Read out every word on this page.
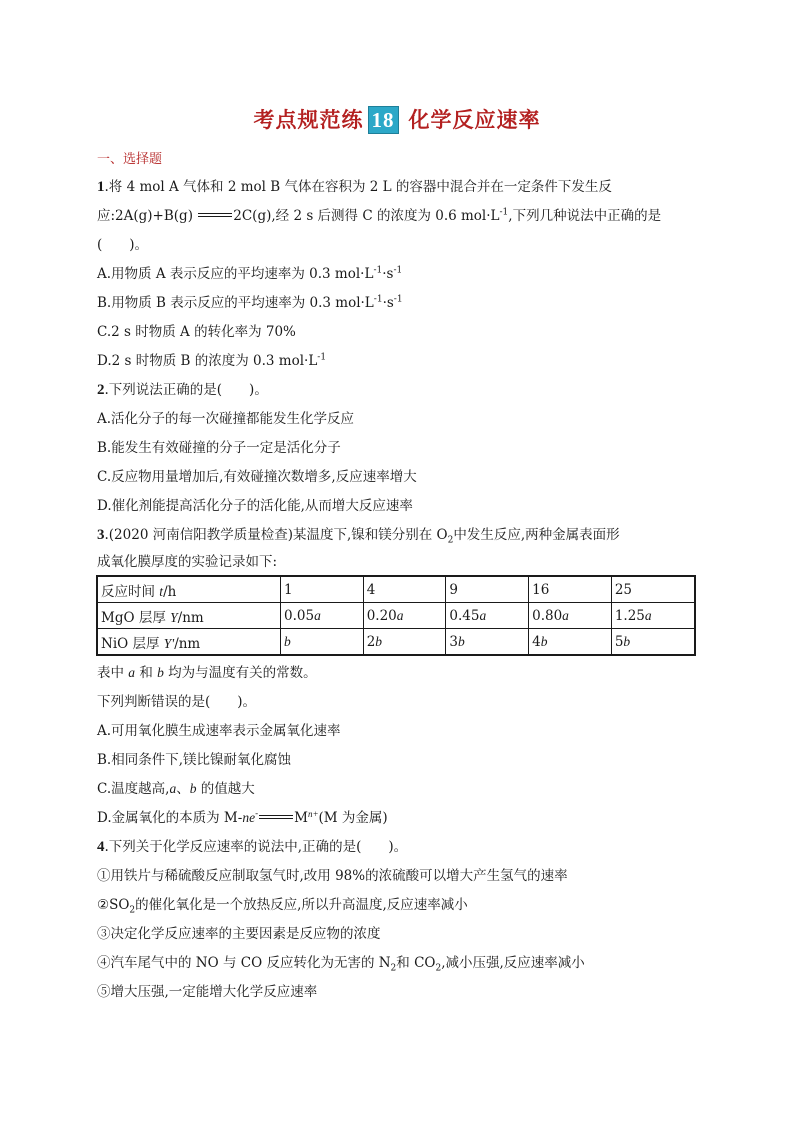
考点规范练 18 化学反应速率
一、选择题
1.将 4 mol A 气体和 2 mol B 气体在容积为 2 L 的容器中混合并在一定条件下发生反
应:2A(g)+B(g)	2C(g),经 2 s 后测得 C 的浓度为 0.6 $mol\cdot L^{-1}$,下列几种说法中正确的是
(　　)。
A.用物质 A 表示反应的平均速率为 0.3 $mol\cdot L^{-1}\cdot s^{-1}$
B.用物质 B 表示反应的平均速率为 0.3 $mol\cdot L^{-1}\cdot s^{-1}$
C.2 s 时物质 A 的转化率为 70%
D.2 s 时物质 B 的浓度为 0.3 $mol\cdot L^{-1}$
2.下列说法正确的是(　　)。
A.活化分子的每一次碰撞都能发生化学反应
B.能发生有效碰撞的分子一定是活化分子
C.反应物用量增加后,有效碰撞次数增多,反应速率增大
D.催化剂能提高活化分子的活化能,从而增大反应速率
3.(2020 河南信阳教学质量检查)某温度下,镍和镁分别在 $O_2$中发生反应,两种金属表面形
成氧化膜厚度的实验记录如下:
反应时间 t/h	1	4	9	16	25
MgO 层厚 Y/nm	0.05a	0.20a	0.45a	0.80a	1.25a
NiO 层厚 Y'/nm	b	2b	3b	4b	5b
表中 a 和 b 均为与温度有关的常数。
下列判断错误的是(　　)。
A.可用氧化膜生成速率表示金属氧化速率
B.相同条件下,镁比镍耐氧化腐蚀
C.温度越高,a、b 的值越大
D.金属氧化的本质为 M-ne-	$M^{n+}(M$ 为金属)
4.下列关于化学反应速率的说法中,正确的是(　　)。
①用铁片与稀硫酸反应制取氢气时,改用 98%的浓硫酸可以增大产生氢气的速率
$②SO_2$的催化氧化是一个放热反应,所以升高温度,反应速率减小
③决定化学反应速率的主要因素是反应物的浓度
④汽车尾气中的 NO 与 CO 反应转化为无害的 $N_2$和 $CO_2$,减小压强,反应速率减小
⑤增大压强,一定能增大化学反应速率
